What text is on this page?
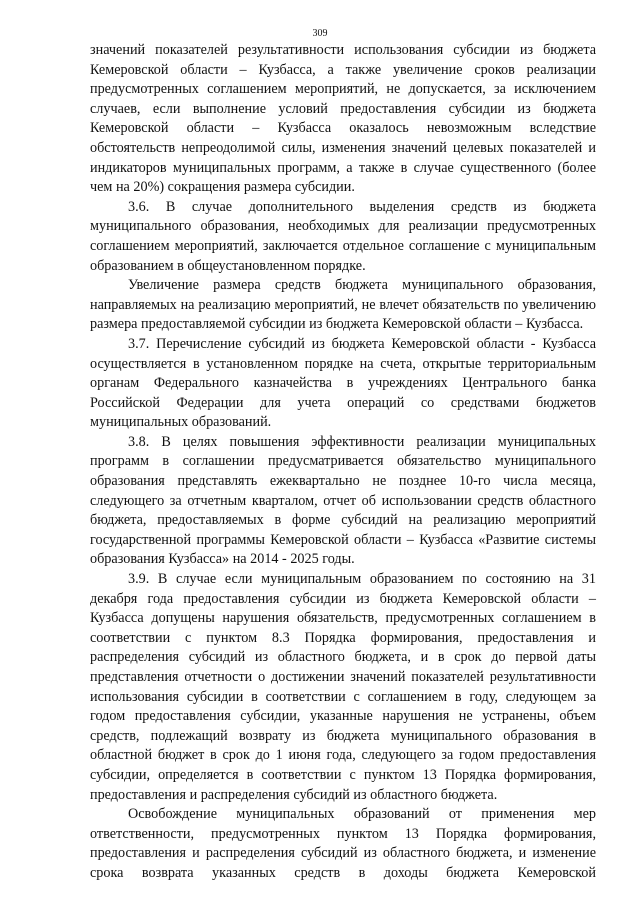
309

значений показателей результативности использования субсидии из бюджета Кемеровской области – Кузбасса, а также увеличение сроков реализации предусмотренных соглашением мероприятий, не допускается, за исключением случаев, если выполнение условий предоставления субсидии из бюджета Кемеровской области – Кузбасса оказалось невозможным вследствие обстоятельств непреодолимой силы, изменения значений целевых показателей и индикаторов муниципальных программ, а также в случае существенного (более чем на 20%) сокращения размера субсидии.

3.6. В случае дополнительного выделения средств из бюджета муниципального образования, необходимых для реализации предусмотренных соглашением мероприятий, заключается отдельное соглашение с муниципальным образованием в общеустановленном порядке.

Увеличение размера средств бюджета муниципального образования, направляемых на реализацию мероприятий, не влечет обязательств по увеличению размера предоставляемой субсидии из бюджета Кемеровской области – Кузбасса.

3.7. Перечисление субсидий из бюджета Кемеровской области - Кузбасса осуществляется в установленном порядке на счета, открытые территориальным органам Федерального казначейства в учреждениях Центрального банка Российской Федерации для учета операций со средствами бюджетов муниципальных образований.

3.8. В целях повышения эффективности реализации муниципальных программ в соглашении предусматривается обязательство муниципального образования представлять ежеквартально не позднее 10-го числа месяца, следующего за отчетным кварталом, отчет об использовании средств областного бюджета, предоставляемых в форме субсидий на реализацию мероприятий государственной программы Кемеровской области – Кузбасса «Развитие системы образования Кузбасса» на 2014 - 2025 годы.

3.9. В случае если муниципальным образованием по состоянию на 31 декабря года предоставления субсидии из бюджета Кемеровской области – Кузбасса допущены нарушения обязательств, предусмотренных соглашением в соответствии с пунктом 8.3 Порядка формирования, предоставления и распределения субсидий из областного бюджета, и в срок до первой даты представления отчетности о достижении значений показателей результативности использования субсидии в соответствии с соглашением в году, следующем за годом предоставления субсидии, указанные нарушения не устранены, объем средств, подлежащий возврату из бюджета муниципального образования в областной бюджет в срок до 1 июня года, следующего за годом предоставления субсидии, определяется в соответствии с пунктом 13 Порядка формирования, предоставления и распределения субсидий из областного бюджета.

Освобождение муниципальных образований от применения мер ответственности, предусмотренных пунктом 13 Порядка формирования, предоставления и распределения субсидий из областного бюджета, и изменение срока возврата указанных средств в доходы бюджета Кемеровской
